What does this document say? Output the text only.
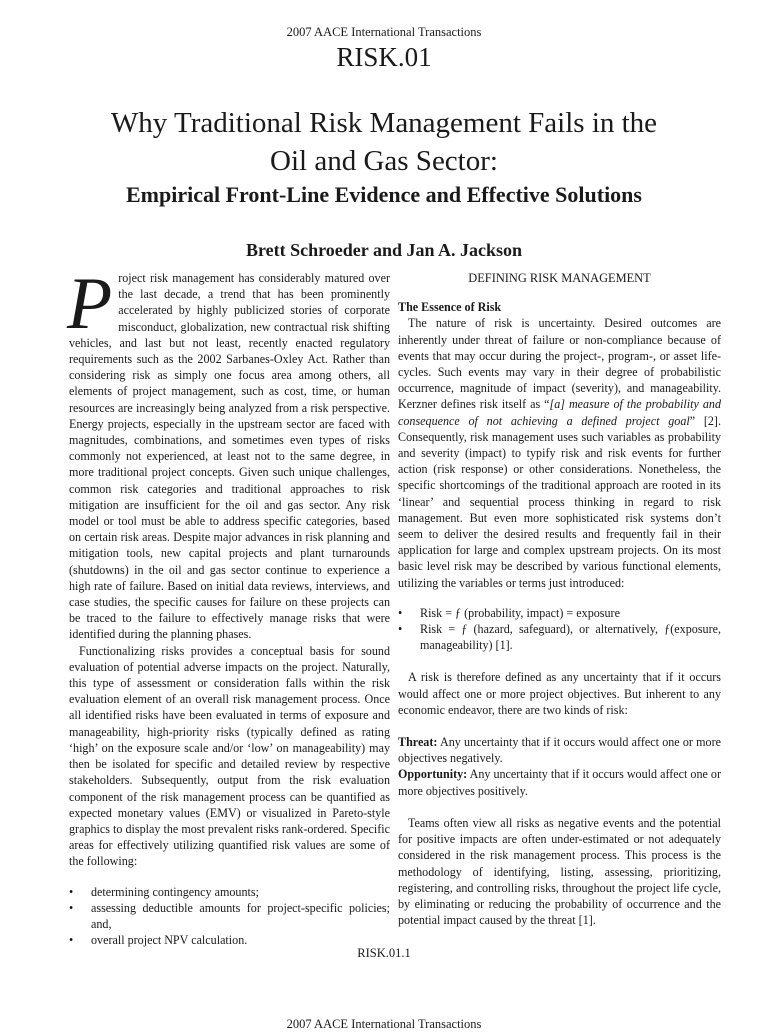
2007 AACE International Transactions
RISK.01
Why Traditional Risk Management Fails in the
Oil and Gas Sector:
Empirical Front-Line Evidence and Effective Solutions
Brett Schroeder and Jan A. Jackson

Project risk management has considerably matured over the last decade, a trend that has been prominently accelerated by highly publicized stories of corporate misconduct, globalization, new contractual risk shifting vehicles, and last but not least, recently enacted regulatory requirements such as the 2002 Sarbanes-Oxley Act. Rather than considering risk as simply one focus area among others, all elements of project management, such as cost, time, or human resources are increasingly being analyzed from a risk perspective. Energy projects, especially in the upstream sector are faced with magnitudes, combinations, and sometimes even types of risks commonly not experienced, at least not to the same degree, in more traditional project concepts. Given such unique challenges, common risk categories and traditional approaches to risk mitigation are insufficient for the oil and gas sector. Any risk model or tool must be able to address specific categories, based on certain risk areas. Despite major advances in risk planning and mitigation tools, new capital projects and plant turnarounds (shutdowns) in the oil and gas sector continue to experience a high rate of failure. Based on initial data reviews, interviews, and case studies, the specific causes for failure on these projects can be traced to the failure to effectively manage risks that were identified during the planning phases.

Functionalizing risks provides a conceptual basis for sound evaluation of potential adverse impacts on the project. Naturally, this type of assessment or consideration falls within the risk evaluation element of an overall risk management process. Once all identified risks have been evaluated in terms of exposure and manageability, high-priority risks (typically defined as rating ‘high’ on the exposure scale and/or ‘low’ on manageability) may then be isolated for specific and detailed review by respective stakeholders. Subsequently, output from the risk evaluation component of the risk management process can be quantified as expected monetary values (EMV) or visualized in Pareto-style graphics to display the most prevalent risks rank-ordered. Specific areas for effectively utilizing quantified risk values are some of the following:

• determining contingency amounts;
• assessing deductible amounts for project-specific policies; and,
• overall project NPV calculation.
DEFINING RISK MANAGEMENT
The Essence of Risk

The nature of risk is uncertainty. Desired outcomes are inherently under threat of failure or non-compliance because of events that may occur during the project-, program-, or asset life-cycles. Such events may vary in their degree of probabilistic occurrence, magnitude of impact (severity), and manageability. Kerzner defines risk itself as “[a] measure of the probability and consequence of not achieving a defined project goal” [2]. Consequently, risk management uses such variables as probability and severity (impact) to typify risk and risk events for further action (risk response) or other considerations. Nonetheless, the specific shortcomings of the traditional approach are rooted in its ‘linear’ and sequential process thinking in regard to risk management. But even more sophisticated risk systems don’t seem to deliver the desired results and frequently fail in their application for large and complex upstream projects. On its most basic level risk may be described by various functional elements, utilizing the variables or terms just introduced:

• Risk = ƒ (probability, impact) = exposure
• Risk = ƒ (hazard, safeguard), or alternatively, ƒ(exposure, manageability) [1].

A risk is therefore defined as any uncertainty that if it occurs would affect one or more project objectives. But inherent to any economic endeavor, there are two kinds of risk:

Threat: Any uncertainty that if it occurs would affect one or more objectives negatively.

Opportunity: Any uncertainty that if it occurs would affect one or more objectives positively.

Teams often view all risks as negative events and the potential for positive impacts are often under-estimated or not adequately considered in the risk management process. This process is the methodology of identifying, listing, assessing, prioritizing, registering, and controlling risks, throughout the project life cycle, by eliminating or reducing the probability of occurrence and the potential impact caused by the threat [1].

RISK.01.1
2007 AACE International Transactions
